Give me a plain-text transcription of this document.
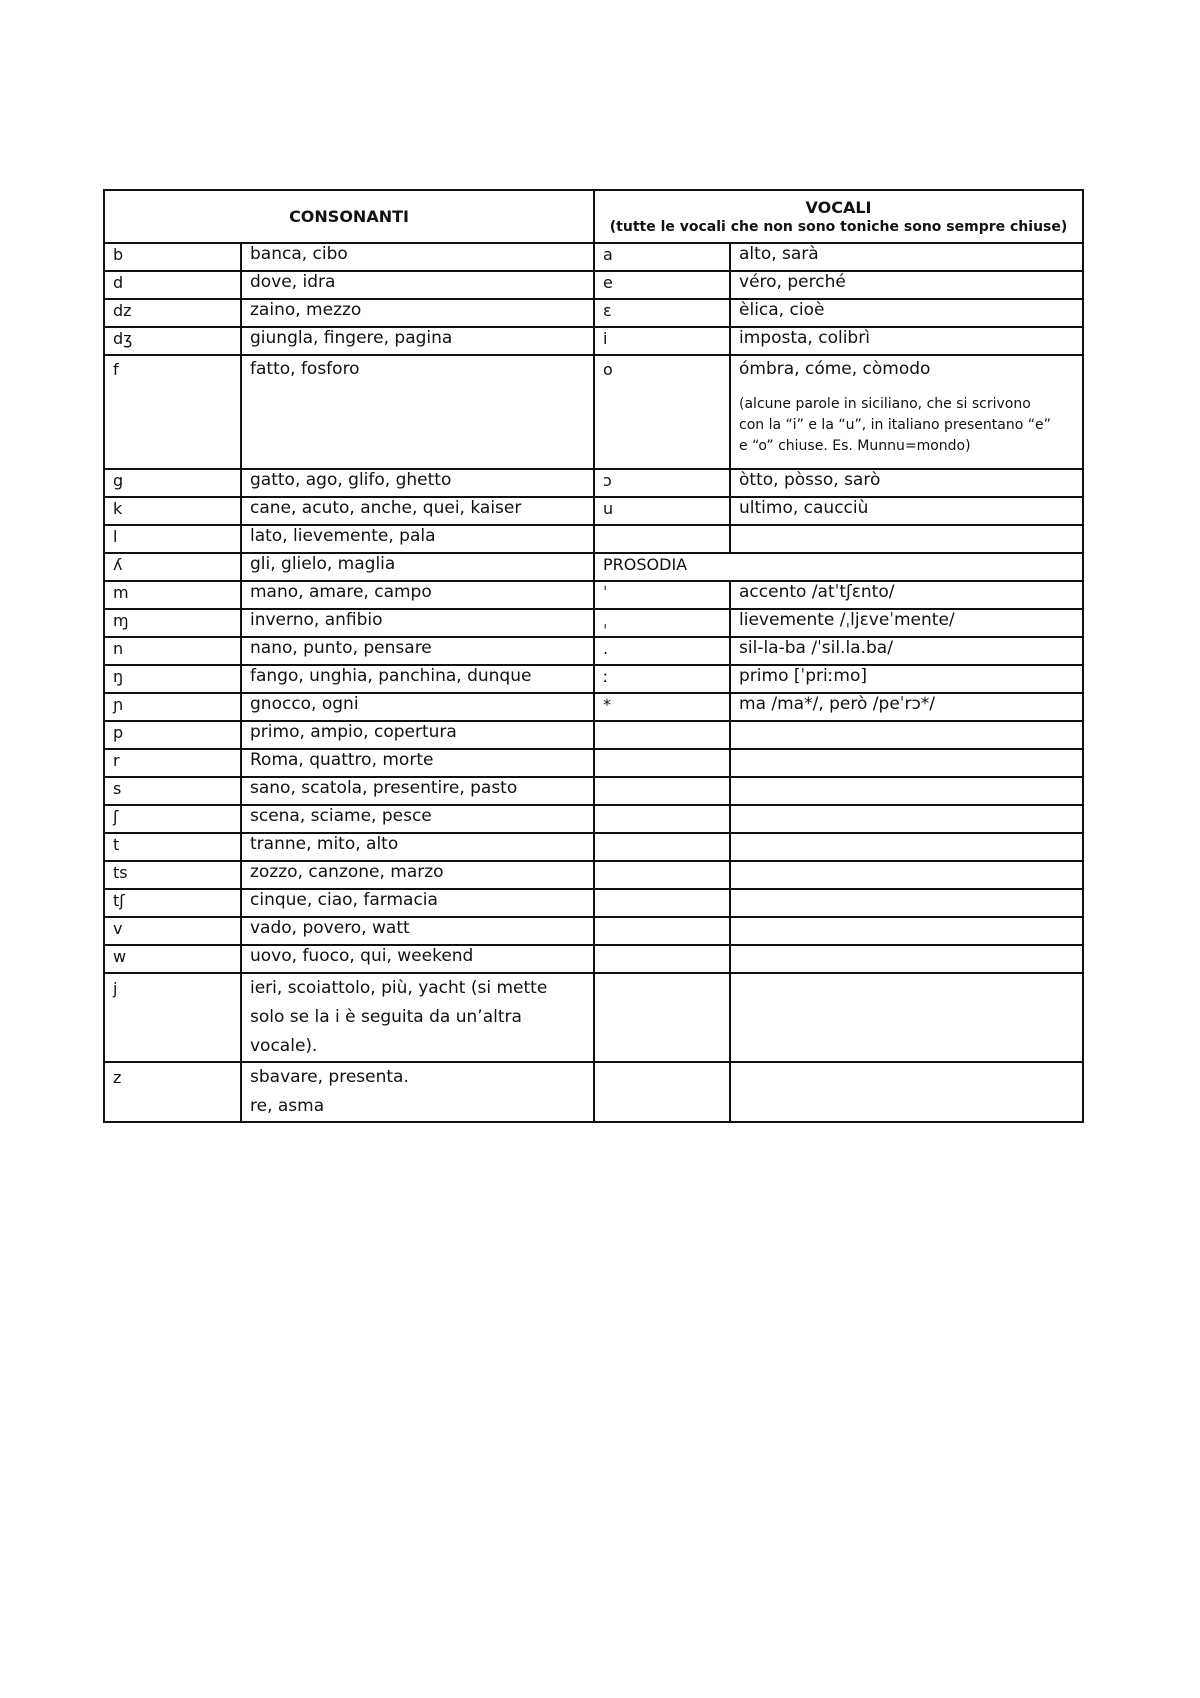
CONSONANTI		VOCALI
(tutte le vocali che non sono toniche sono sempre chiuse)	

b	banca, cibo	a	alto, sarà
d	dove, idra	e	véro, perché
dz	zaino, mezzo	ɛ	èlica, cioè
dʒ	giungla, fingere, pagina	i	imposta, colibrì
f	fatto, fosforo	o	ómbra, cóme, còmodo
(alcune parole in siciliano, che si scrivono
con la “i” e la “u”, in italiano presentano “e”
e “o” chiuse. Es. Munnu=mondo)

g	gatto, ago, glifo, ghetto	ɔ	òtto, pòsso, sarò
k	cane, acuto, anche, quei, kaiser	u	ultimo, caucciù
l	lato, lievemente, pala		
ʎ	gli, glielo, maglia	PROSODIA	
m	mano, amare, campo	ˈ	accento /atˈtʃɛnto/
ɱ	inverno, anfibio	ˌ	lievemente /ˌljɛveˈmente/
n	nano, punto, pensare	.	sil-la-ba /ˈsil.la.ba/
ŋ	fango, unghia, panchina, dunque	ː	primo [ˈpriːmo]
ɲ	gnocco, ogni	*	ma /ma*/, però /peˈrɔ*/
p	primo, ampio, copertura		
r	Roma, quattro, morte		
s	sano, scatola, presentire, pasto		
ʃ	scena, sciame, pesce		
t	tranne, mito, alto		
ts	zozzo, canzone, marzo		
tʃ	cinque, ciao, farmacia		
v	vado, povero, watt		
w	uovo, fuoco, qui, weekend		
j	ieri, scoiattolo, più, yacht (si mette
solo se la i è seguita da un’altra
vocale).		

z	sbavare, presenta.
re, asma		
